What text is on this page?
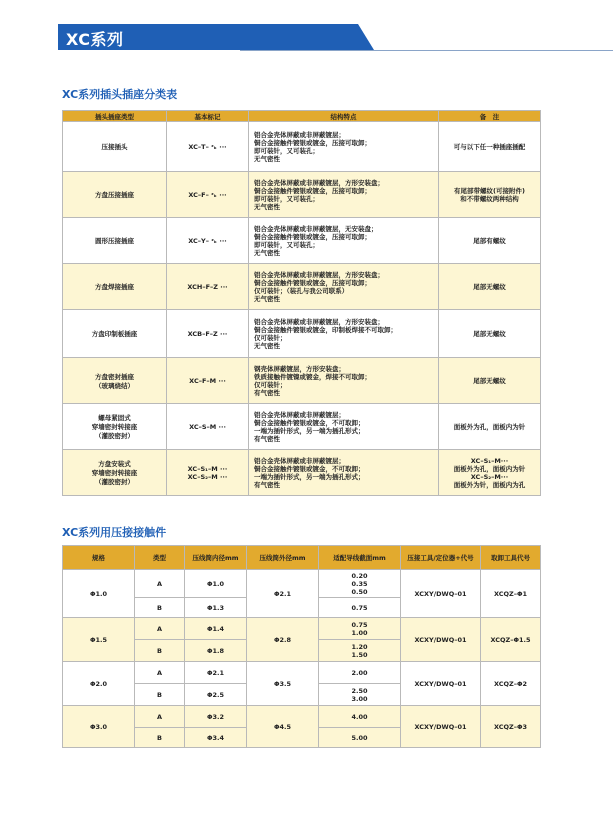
XC系列
XC系列插头插座分类表
插头插座类型	基本标记	结构特点	备　注
压接插头	XC–T– ᶻₖ ···	铝合金壳体屏蔽或非屏蔽镀层；
铜合金接触件镀银或镀金，压接可取卸；
即可装针，又可装孔；
无气密性	可与以下任一种插座插配
方盘压接插座	XC–F– ᶻₖ ···	铝合金壳体屏蔽或非屏蔽镀层，方形安装盘；
铜合金接触件镀银或镀金，压接可取卸；
即可装针，又可装孔；
无气密性	有尾部带螺纹(可接附件)
和不带螺纹两种结构
圆形压接插座	XC–Y– ᶻₖ ···	铝合金壳体屏蔽或非屏蔽镀层，无安装盘；
铜合金接触件镀银或镀金，压接可取卸；
即可装针，又可装孔；
无气密性	尾部有螺纹
方盘焊接插座	XCH–F–Z ···	铝合金壳体屏蔽或非屏蔽镀层，方形安装盘；
铜合金接触件镀银或镀金，压接可取卸；
仅可装针；（装孔与我公司联系）
无气密性	尾部无螺纹
方盘印制板插座	XCB–F–Z ···	铝合金壳体屏蔽或非屏蔽镀层，方形安装盘；
铜合金接触件镀银或镀金，印制板焊接不可取卸；
仅可装针；
无气密性	尾部无螺纹
方盘密封插座
（玻璃烧结）	XC–F–M ···	钢壳体屏蔽镀层，方形安装盘；
铁质接触件镀镍或镀金，焊接不可取卸；
仅可装针；
有气密性	尾部无螺纹
螺母紧固式
穿墙密封转接座
（灌胶密封）	XC–S–M ···	铝合金壳体屏蔽或非屏蔽镀层；
铜合金接触件镀银或镀金，不可取卸；
一端为插针形式，另一端为插孔形式；
有气密性	面板外为孔，面板内为针
方盘安装式
穿墙密封转接座
（灌胶密封）	XC–S₁–M ···
XC–S₂–M ···	铝合金壳体屏蔽或非屏蔽镀层；
铜合金接触件镀银或镀金，不可取卸；
一端为插针形式，另一端为插孔形式；
有气密性	XC–S₁–M···
面板外为孔，面板内为针
XC–S₂–M···
面板外为针，面板内为孔
XC系列用压接接触件
规格	类型	压线筒内径mm	压线筒外径mm	适配导线截面mm	压接工具/定位器+代号	取卸工具代号
Φ1.0	A	Φ1.0	Φ2.1	0.20
0.35
0.50	XCXY/DWQ–01	XCQZ–Φ1
	B	Φ1.3		0.75		
Φ1.5	A	Φ1.4	Φ2.8	0.75
1.00	XCXY/DWQ–01	XCQZ–Φ1.5
	B	Φ1.8		1.20
1.50		
Φ2.0	A	Φ2.1	Φ3.5	2.00	XCXY/DWQ–01	XCQZ–Φ2
	B	Φ2.5		2.50
3.00		
Φ3.0	A	Φ3.2	Φ4.5	4.00	XCXY/DWQ–01	XCQZ–Φ3
	B	Φ3.4		5.00		
